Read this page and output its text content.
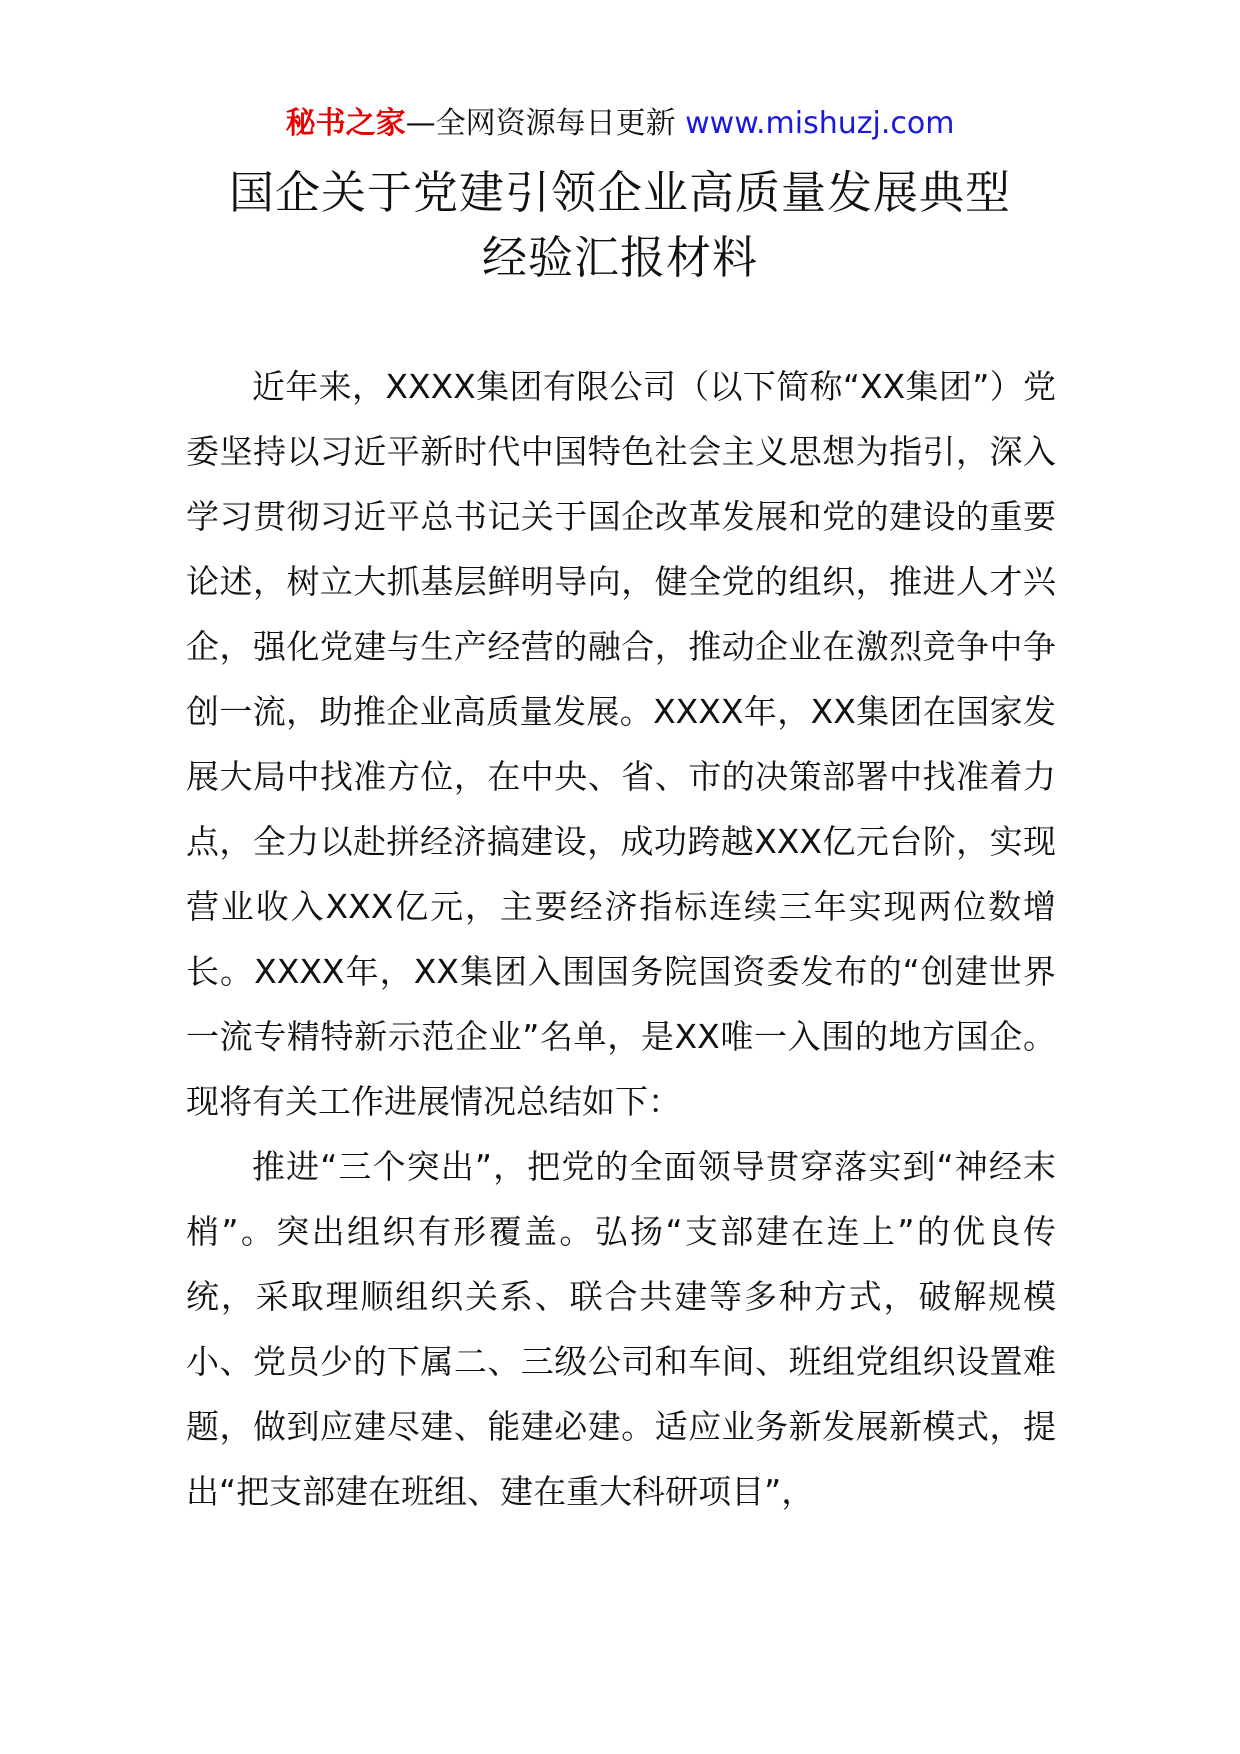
秘书之家—全网资源每日更新 www.mishuzj.com
国企关于党建引领企业高质量发展典型
经验汇报材料

近年来，XXXX集团有限公司（以下简称“XX集团”）党委坚持以习近平新时代中国特色社会主义思想为指引，深入学习贯彻习近平总书记关于国企改革发展和党的建设的重要论述，树立大抓基层鲜明导向，健全党的组织，推进人才兴企，强化党建与生产经营的融合，推动企业在激烈竞争中争创一流，助推企业高质量发展。XXXX年，XX集团在国家发展大局中找准方位，在中央、省、市的决策部署中找准着力点，全力以赴拼经济搞建设，成功跨越XXX亿元台阶，实现营业收入XXX亿元，主要经济指标连续三年实现两位数增长。XXXX年，XX集团入围国务院国资委发布的“创建世界一流专精特新示范企业”名单，是XX唯一入围的地方国企。现将有关工作进展情况总结如下：

推进“三个突出”，把党的全面领导贯穿落实到“神经末梢”。突出组织有形覆盖。弘扬“支部建在连上”的优良传统，采取理顺组织关系、联合共建等多种方式，破解规模小、党员少的下属二、三级公司和车间、班组党组织设置难题，做到应建尽建、能建必建。适应业务新发展新模式，提出“把支部建在班组、建在重大科研项目”，
